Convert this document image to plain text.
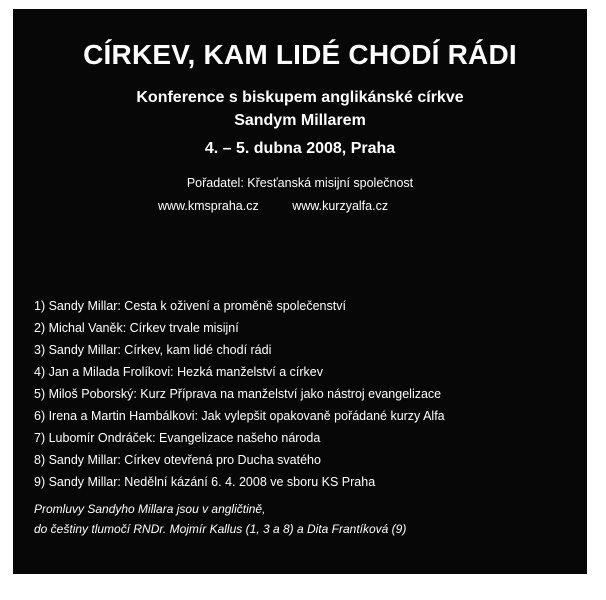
CÍRKEV, KAM LIDÉ CHODÍ RÁDI

Konference s biskupem anglikánské církve

Sandym Millarem

4. – 5. dubna 2008, Praha

Pořadatel: Křesťanská misijní společnost

www.kmspraha.cz	www.kurzyalfa.cz
1) Sandy Millar: Cesta k oživení a proměně společenství
2) Michal Vaněk: Církev trvale misijní
3) Sandy Millar: Církev, kam lidé chodí rádi
4) Jan a Milada Frolíkovi: Hezká manželství a církev
5) Miloš Poborský: Kurz Příprava na manželství jako nástroj evangelizace
6) Irena a Martin Hambálkovi: Jak vylepšit opakovaně pořádané kurzy Alfa
7) Lubomír Ondráček: Evangelizace našeho národa
8) Sandy Millar: Církev otevřená pro Ducha svatého
9) Sandy Millar: Nedělní kázání 6. 4. 2008 ve sboru KS Praha
Promluvy Sandyho Millara jsou v angličtině,
do češtiny tlumočí RNDr. Mojmír Kallus (1, 3 a 8) a Dita Frantíková (9)
